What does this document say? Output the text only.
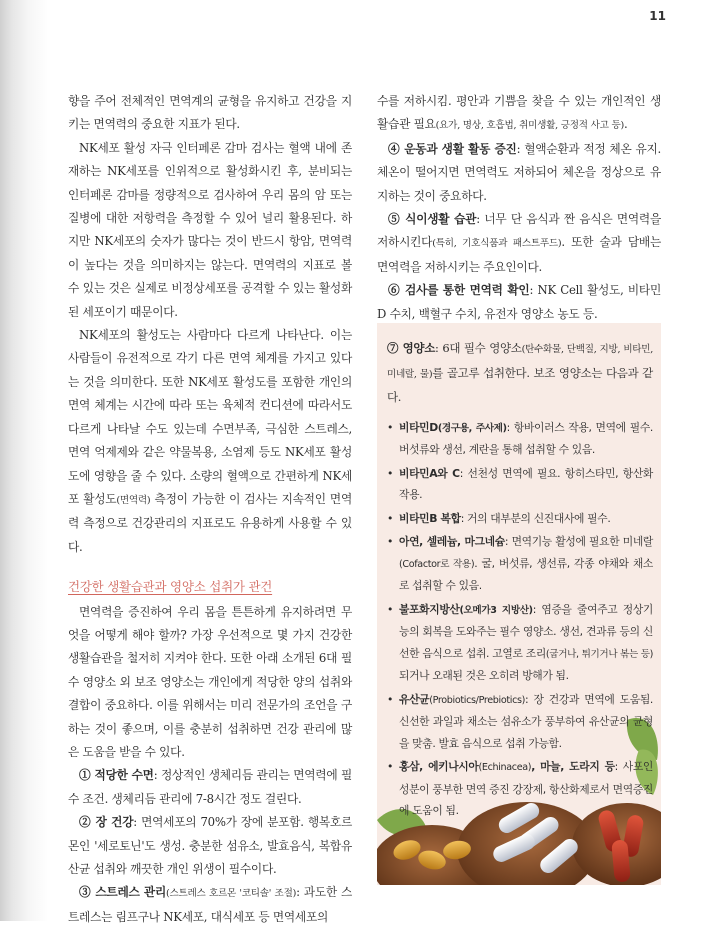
11

향을 주어 전체적인 면역계의 균형을 유지하고 건강을 지키는 면역력의 중요한 지표가 된다.

NK세포 활성 자극 인터페론 감마 검사는 혈액 내에 존재하는 NK세포를 인위적으로 활성화시킨 후, 분비되는 인터페론 감마를 정량적으로 검사하여 우리 몸의 암 또는 질병에 대한 저항력을 측정할 수 있어 널리 활용된다. 하지만 NK세포의 숫자가 많다는 것이 반드시 항암, 면역력이 높다는 것을 의미하지는 않는다. 면역력의 지표로 볼 수 있는 것은 실제로 비정상세포를 공격할 수 있는 활성화된 세포이기 때문이다.

NK세포의 활성도는 사람마다 다르게 나타난다. 이는 사람들이 유전적으로 각기 다른 면역 체계를 가지고 있다는 것을 의미한다. 또한 NK세포 활성도를 포함한 개인의 면역 체계는 시간에 따라 또는 육체적 컨디션에 따라서도 다르게 나타날 수도 있는데 수면부족, 극심한 스트레스, 면역 억제제와 같은 약물복용, 소염제 등도 NK세포 활성도에 영향을 줄 수 있다. 소량의 혈액으로 간편하게 NK세포 활성도(면역력) 측정이 가능한 이 검사는 지속적인 면역력 측정으로 건강관리의 지표로도 유용하게 사용할 수 있다.

건강한 생활습관과 영양소 섭취가 관건

면역력을 증진하여 우리 몸을 튼튼하게 유지하려면 무엇을 어떻게 해야 할까? 가장 우선적으로 몇 가지 건강한 생활습관을 철저히 지켜야 한다. 또한 아래 소개된 6대 필수 영양소 외 보조 영양소는 개인에게 적당한 양의 섭취와 결합이 중요하다. 이를 위해서는 미리 전문가의 조언을 구하는 것이 좋으며, 이를 충분히 섭취하면 건강 관리에 많은 도움을 받을 수 있다.

① 적당한 수면: 정상적인 생체리듬 관리는 면역력에 필수 조건. 생체리듬 관리에 7-8시간 정도 걸린다.

② 장 건강: 면역세포의 70%가 장에 분포함. 행복호르몬인 '세로토닌'도 생성. 충분한 섬유소, 발효음식, 복합유산균 섭취와 깨끗한 개인 위생이 필수이다.

③ 스트레스 관리(스트레스 호르몬 '코티솔' 조절): 과도한 스트레스는 림프구나 NK세포, 대식세포 등 면역세포의

수를 저하시킴. 평안과 기쁨을 찾을 수 있는 개인적인 생활습관 필요(요가, 명상, 호흡법, 취미생활, 긍정적 사고 등).

④ 운동과 생활 활동 증진: 혈액순환과 적정 체온 유지. 체온이 떨어지면 면역력도 저하되어 체온을 정상으로 유지하는 것이 중요하다.

⑤ 식이생활 습관: 너무 단 음식과 짠 음식은 면역력을 저하시킨다(특히, 기호식품과 패스트푸드). 또한 술과 담배는 면역력을 저하시키는 주요인이다.

⑥ 검사를 통한 면역력 확인: NK Cell 활성도, 비타민 D 수치, 백혈구 수치, 유전자 영양소 농도 등.

⑦ 영양소: 6대 필수 영양소(탄수화물, 단백질, 지방, 비타민, 미네랄, 물)를 골고루 섭취한다. 보조 영양소는 다음과 같다.

• 비타민D(경구용, 주사제): 항바이러스 작용, 면역에 필수. 버섯류와 생선, 계란을 통해 섭취할 수 있음.
• 비타민A와 C: 선천성 면역에 필요. 항히스타민, 항산화 작용.
• 비타민B 복합: 거의 대부분의 신진대사에 필수.
• 아연, 셀레늄, 마그네슘: 면역기능 활성에 필요한 미네랄(Cofactor로 작용). 굴, 버섯류, 생선류, 각종 야채와 채소로 섭취할 수 있음.
• 불포화지방산(오메가3 지방산): 염증을 줄여주고 정상기능의 회복을 도와주는 필수 영양소. 생선, 견과류 등의 신선한 음식으로 섭취. 고열로 조리(굽거나, 튀기거나 볶는 등)되거나 오래된 것은 오히려 방해가 됨.
• 유산균(Probiotics/Prebiotics): 장 건강과 면역에 도움됨. 신선한 과일과 채소는 섬유소가 풍부하여 유산균의 균형을 맞춤. 발효 음식으로 섭취 가능함.
• 홍삼, 에키나시아(Echinacea), 마늘, 도라지 등: 사포인 성분이 풍부한 면역 증진 강장제, 항산화제로서 면역증진에 도움이 됨.
